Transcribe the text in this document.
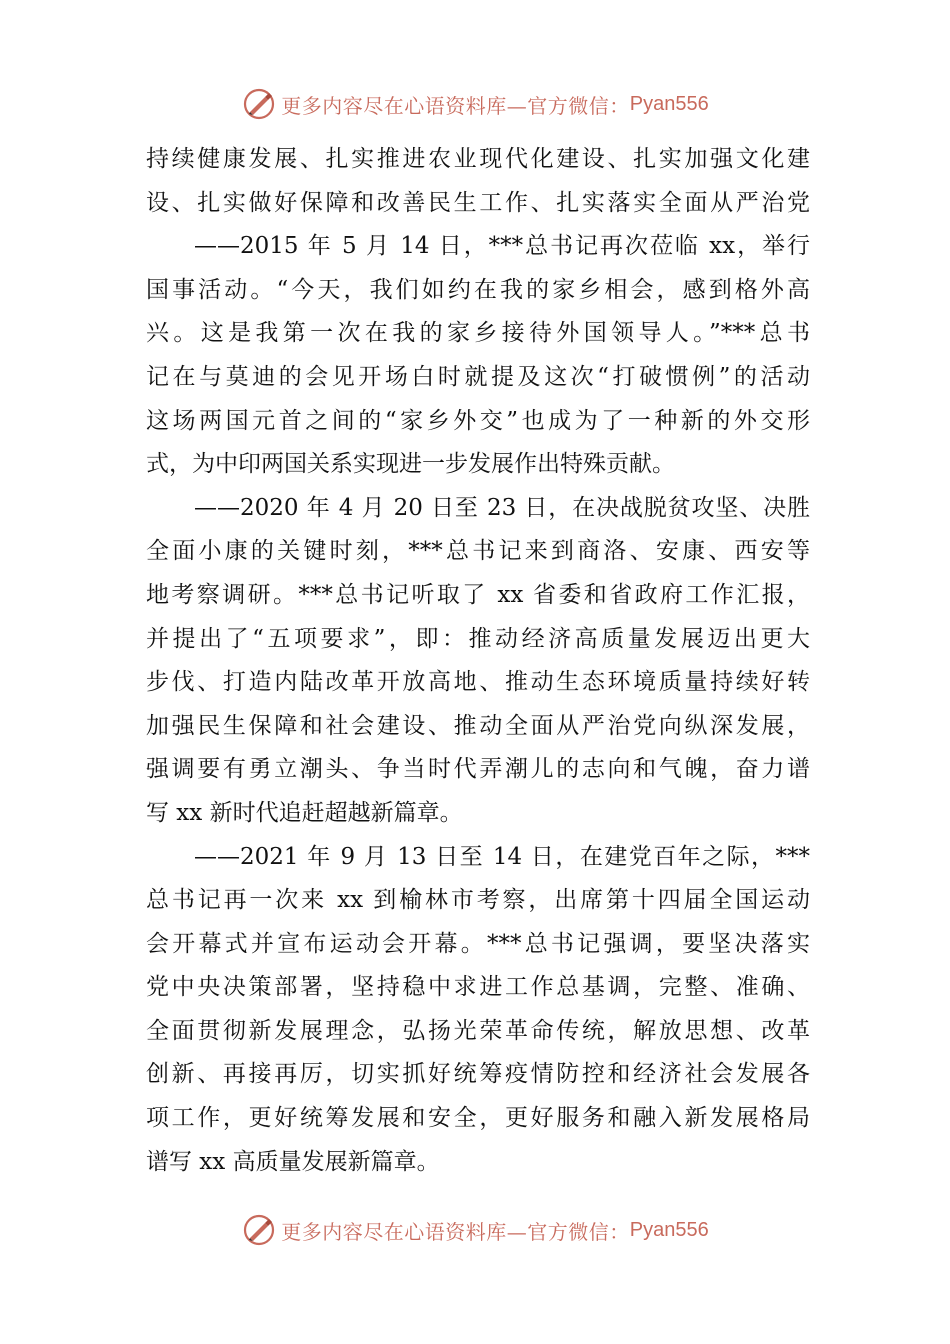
更多内容尽在心语资料库—官方微信： Pyan556
持续健康发展、扎实推进农业现代化建设、扎实加强文化建
设、扎实做好保障和改善民生工作、扎实落实全面从严治党
——2015 年 5 月 14 日，***总书记再次莅临 xx，举行
国事活动。“今天，我们如约在我的家乡相会，感到格外高
兴。这是我第一次在我的家乡接待外国领导人。”***总书
记在与莫迪的会见开场白时就提及这次“打破惯例”的活动
这场两国元首之间的“家乡外交”也成为了一种新的外交形
式，为中印两国关系实现进一步发展作出特殊贡献。
——2020 年 4 月 20 日至 23 日，在决战脱贫攻坚、决胜
全面小康的关键时刻，***总书记来到商洛、安康、西安等
地考察调研。***总书记听取了 xx 省委和省政府工作汇报，
并提出了“五项要求”，即：推动经济高质量发展迈出更大
步伐、打造内陆改革开放高地、推动生态环境质量持续好转
加强民生保障和社会建设、推动全面从严治党向纵深发展，
强调要有勇立潮头、争当时代弄潮儿的志向和气魄，奋力谱
写 xx 新时代追赶超越新篇章。
——2021 年 9 月 13 日至 14 日，在建党百年之际，***
总书记再一次来 xx 到榆林市考察，出席第十四届全国运动
会开幕式并宣布运动会开幕。***总书记强调，要坚决落实
党中央决策部署，坚持稳中求进工作总基调，完整、准确、
全面贯彻新发展理念，弘扬光荣革命传统，解放思想、改革
创新、再接再厉，切实抓好统筹疫情防控和经济社会发展各
项工作，更好统筹发展和安全，更好服务和融入新发展格局
谱写 xx 高质量发展新篇章。
更多内容尽在心语资料库—官方微信： Pyan556
